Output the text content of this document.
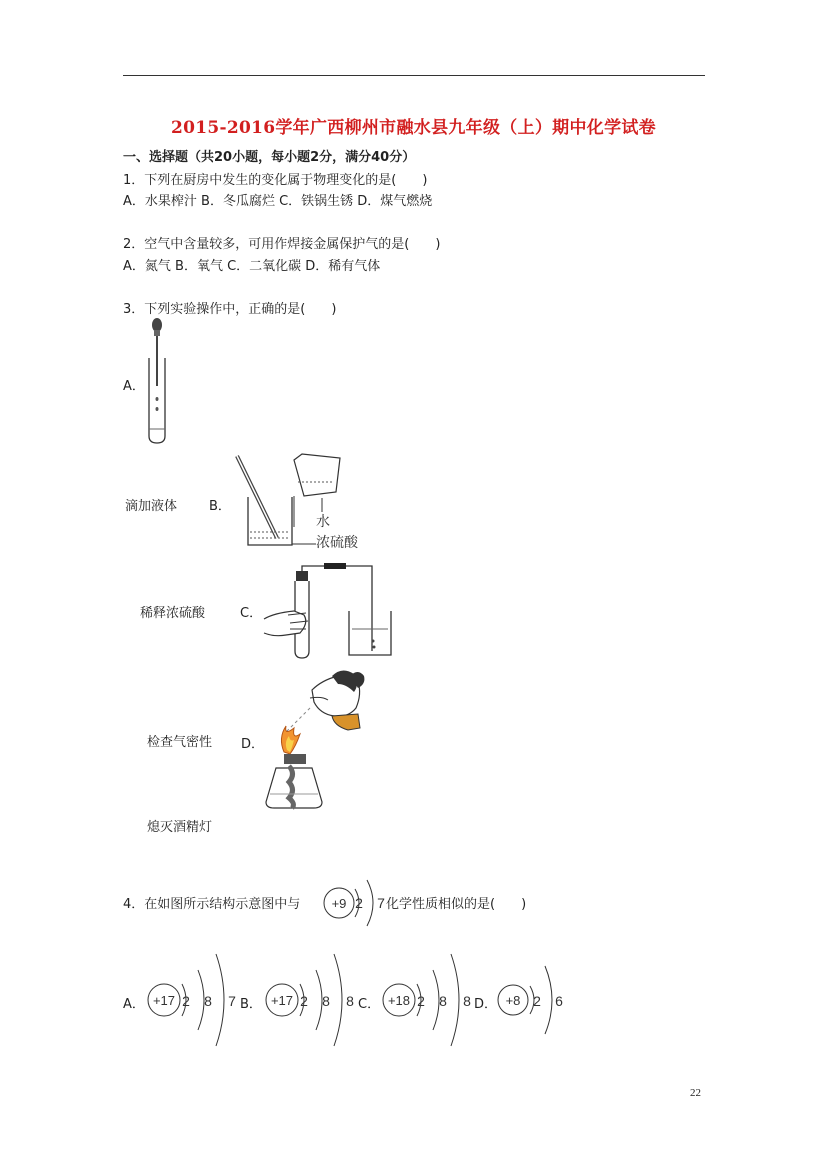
2015-2016学年广西柳州市融水县九年级（上）期中化学试卷
一、选择题（共20小题，每小题2分，满分40分）
1．下列在厨房中发生的变化属于物理变化的是(　　)
A．水果榨汁 B．冬瓜腐烂 C．铁锅生锈 D．煤气燃烧
2．空气中含量较多，可用作焊接金属保护气的是(　　)
A．氮气 B．氧气 C．二氧化碳 D．稀有气体
3．下列实验操作中，正确的是(　　)
A．
滴加液体 B．
水
浓硫酸
稀释浓硫酸	C．
检查气密性 D．
熄灭酒精灯
4．在如图所示结构示意图中与 +9 2 7 化学性质相似的是(　　)
A． +17 2 8 7 B． +17 2 8 8 C． +18 2 8 8 D． +8 2 6
22
